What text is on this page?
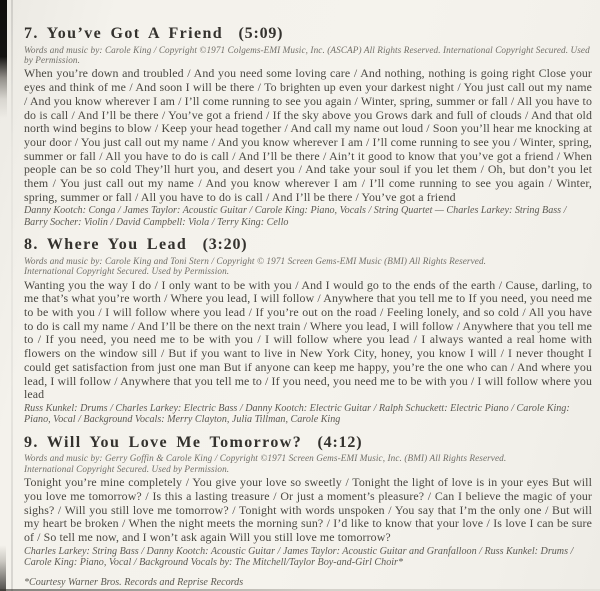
7. You’ve Got A Friend (5:09)
Words and music by: Carole King / Copyright ©1971 Colgems-EMI Music, Inc. (ASCAP) All Rights Reserved. International Copyright Secured. Used by Permission.

When you’re down and troubled / And you need some loving care / And nothing, nothing is going right Close your eyes and think of me / And soon I will be there / To brighten up even your darkest night / You just call out my name / And you know wherever I am / I’ll come running to see you again / Winter, spring, summer or fall / All you have to do is call / And I’ll be there / You’ve got a friend / If the sky above you Grows dark and full of clouds / And that old north wind begins to blow / Keep your head together / And call my name out loud / Soon you’ll hear me knocking at your door / You just call out my name / And you know wherever I am / I’ll come running to see you / Winter, spring, summer or fall / All you have to do is call / And I’ll be there / Ain’t it good to know that you’ve got a friend / When people can be so cold They’ll hurt you, and desert you / And take your soul if you let them / Oh, but don’t you let them / You just call out my name / And you know wherever I am / I’ll come running to see you again / Winter, spring, summer or fall / All you have to do is call / And I’ll be there / You’ve got a friend

Danny Kootch: Conga / James Taylor: Acoustic Guitar / Carole King: Piano, Vocals / String Quartet — Charles Larkey: String Bass / Barry Socher: Violin / David Campbell: Viola / Terry King: Cello

8. Where You Lead (3:20)
Words and music by: Carole King and Toni Stern / Copyright © 1971 Screen Gems-EMI Music (BMI) All Rights Reserved.
International Copyright Secured. Used by Permission.

Wanting you the way I do / I only want to be with you / And I would go to the ends of the earth / Cause, darling, to me that’s what you’re worth / Where you lead, I will follow / Anywhere that you tell me to If you need, you need me to be with you / I will follow where you lead / If you’re out on the road / Feeling lonely, and so cold / All you have to do is call my name / And I’ll be there on the next train / Where you lead, I will follow / Anywhere that you tell me to / If you need, you need me to be with you / I will follow where you lead / I always wanted a real home with flowers on the window sill / But if you want to live in New York City, honey, you know I will / I never thought I could get satisfaction from just one man But if anyone can keep me happy, you’re the one who can / And where you lead, I will follow / Anywhere that you tell me to / If you need, you need me to be with you / I will follow where you lead

Russ Kunkel: Drums / Charles Larkey: Electric Bass / Danny Kootch: Electric Guitar / Ralph Schuckett: Electric Piano / Carole King: Piano, Vocal / Background Vocals: Merry Clayton, Julia Tillman, Carole King

9. Will You Love Me Tomorrow? (4:12)
Words and music by: Gerry Goffin & Carole King / Copyright ©1971 Screen Gems-EMI Music, Inc. (BMI) All Rights Reserved.
International Copyright Secured. Used by Permission.

Tonight you’re mine completely / You give your love so sweetly / Tonight the light of love is in your eyes But will you love me tomorrow? / Is this a lasting treasure / Or just a moment’s pleasure? / Can I believe the magic of your sighs? / Will you still love me tomorrow? / Tonight with words unspoken / You say that I’m the only one / But will my heart be broken / When the night meets the morning sun? / I’d like to know that your love / Is love I can be sure of / So tell me now, and I won’t ask again Will you still love me tomorrow?

Charles Larkey: String Bass / Danny Kootch: Acoustic Guitar / James Taylor: Acoustic Guitar and Granfalloon / Russ Kunkel: Drums / Carole King: Piano, Vocal / Background Vocals by: The Mitchell/Taylor Boy-and-Girl Choir*

*Courtesy Warner Bros. Records and Reprise Records
